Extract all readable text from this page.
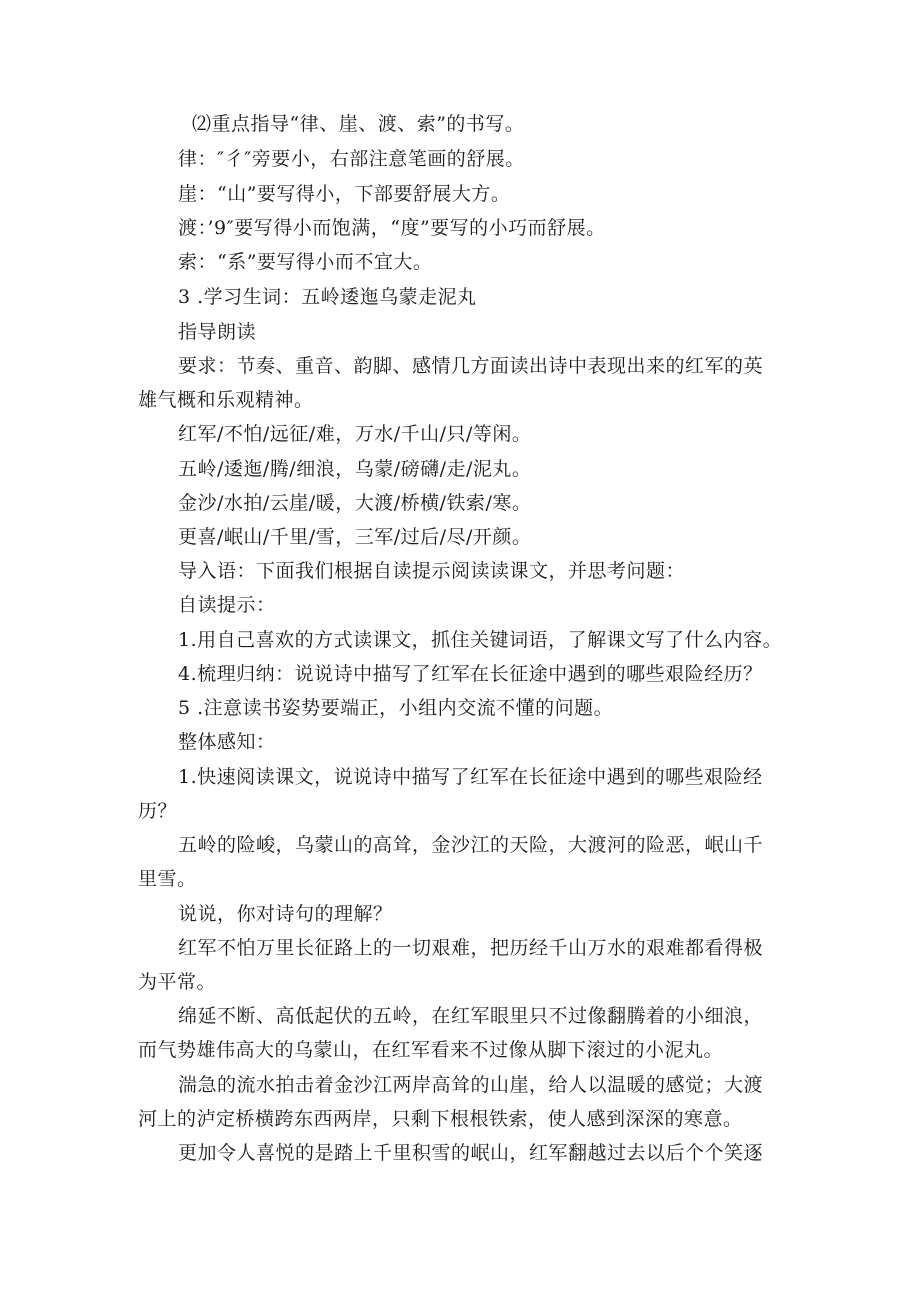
⑵重点指导“律、崖、渡、索”的书写。
律：″彳″旁要小，右部注意笔画的舒展。
崖：“山”要写得小，下部要舒展大方。
渡：’9″要写得小而饱满，“度”要写的小巧而舒展。
索：“系”要写得小而不宜大。
3 .学习生词：五岭逶迤乌蒙走泥丸
指导朗读
要求：节奏、重音、韵脚、感情几方面读出诗中表现出来的红军的英
雄气概和乐观精神。
红军/不怕/远征/难，万水/千山/只/等闲。
五岭/逶迤/腾/细浪，乌蒙/磅礴/走/泥丸。
金沙/水拍/云崖/暖，大渡/桥横/铁索/寒。
更喜/岷山/千里/雪，三军/过后/尽/开颜。
导入语：下面我们根据自读提示阅读读课文，并思考问题：
自读提示：
1.用自己喜欢的方式读课文，抓住关键词语，了解课文写了什么内容。
4.梳理归纳：说说诗中描写了红军在长征途中遇到的哪些艰险经历？
5 .注意读书姿势要端正，小组内交流不懂的问题。
整体感知：
1.快速阅读课文，说说诗中描写了红军在长征途中遇到的哪些艰险经
历？
五岭的险峻，乌蒙山的高耸，金沙江的天险，大渡河的险恶，岷山千
里雪。
说说，你对诗句的理解？
红军不怕万里长征路上的一切艰难，把历经千山万水的艰难都看得极
为平常。
绵延不断、高低起伏的五岭，在红军眼里只不过像翻腾着的小细浪，
而气势雄伟高大的乌蒙山，在红军看来不过像从脚下滚过的小泥丸。
湍急的流水拍击着金沙江两岸高耸的山崖，给人以温暖的感觉；大渡
河上的泸定桥横跨东西两岸，只剩下根根铁索，使人感到深深的寒意。
更加令人喜悦的是踏上千里积雪的岷山，红军翻越过去以后个个笑逐
